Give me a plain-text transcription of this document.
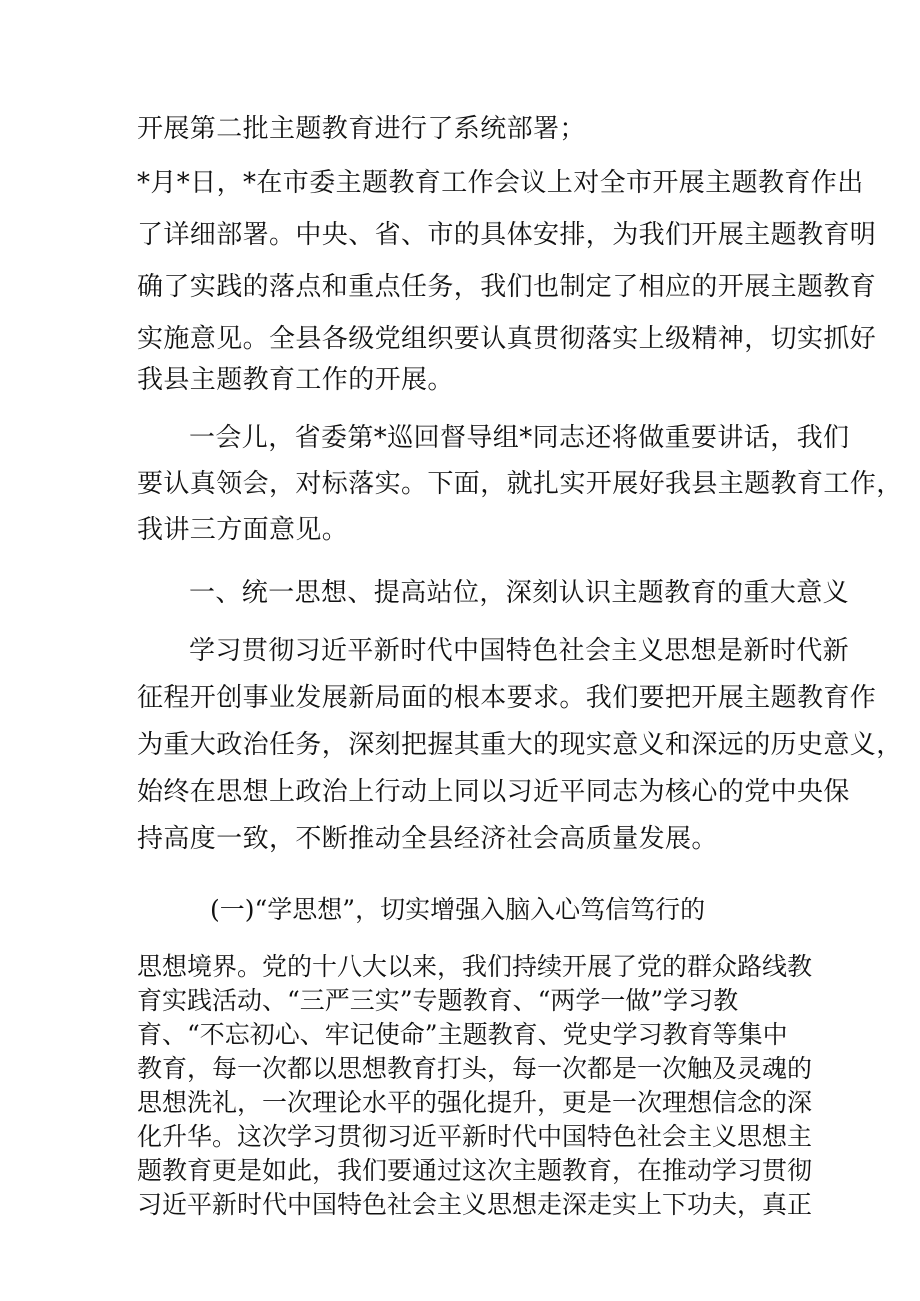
开展第二批主题教育进行了系统部署；
*月*日，*在市委主题教育工作会议上对全市开展主题教育作出
了详细部署。中央、省、市的具体安排，为我们开展主题教育明
确了实践的落点和重点任务，我们也制定了相应的开展主题教育
实施意见。全县各级党组织要认真贯彻落实上级精神，切实抓好
我县主题教育工作的开展。
一会儿，省委第*巡回督导组*同志还将做重要讲话，我们
要认真领会，对标落实。下面，就扎实开展好我县主题教育工作，
我讲三方面意见。
一、统一思想、提高站位，深刻认识主题教育的重大意义
学习贯彻习近平新时代中国特色社会主义思想是新时代新
征程开创事业发展新局面的根本要求。我们要把开展主题教育作
为重大政治任务，深刻把握其重大的现实意义和深远的历史意义，
始终在思想上政治上行动上同以习近平同志为核心的党中央保
持高度一致，不断推动全县经济社会高质量发展。
(一)“学思想”，切实增强入脑入心笃信笃行的
思想境界。党的十八大以来，我们持续开展了党的群众路线教
育实践活动、“三严三实”专题教育、“两学一做”学习教
育、“不忘初心、牢记使命”主题教育、党史学习教育等集中
教育，每一次都以思想教育打头，每一次都是一次触及灵魂的
思想洗礼，一次理论水平的强化提升，更是一次理想信念的深
化升华。这次学习贯彻习近平新时代中国特色社会主义思想主
题教育更是如此，我们要通过这次主题教育，在推动学习贯彻
习近平新时代中国特色社会主义思想走深走实上下功夫，真正
